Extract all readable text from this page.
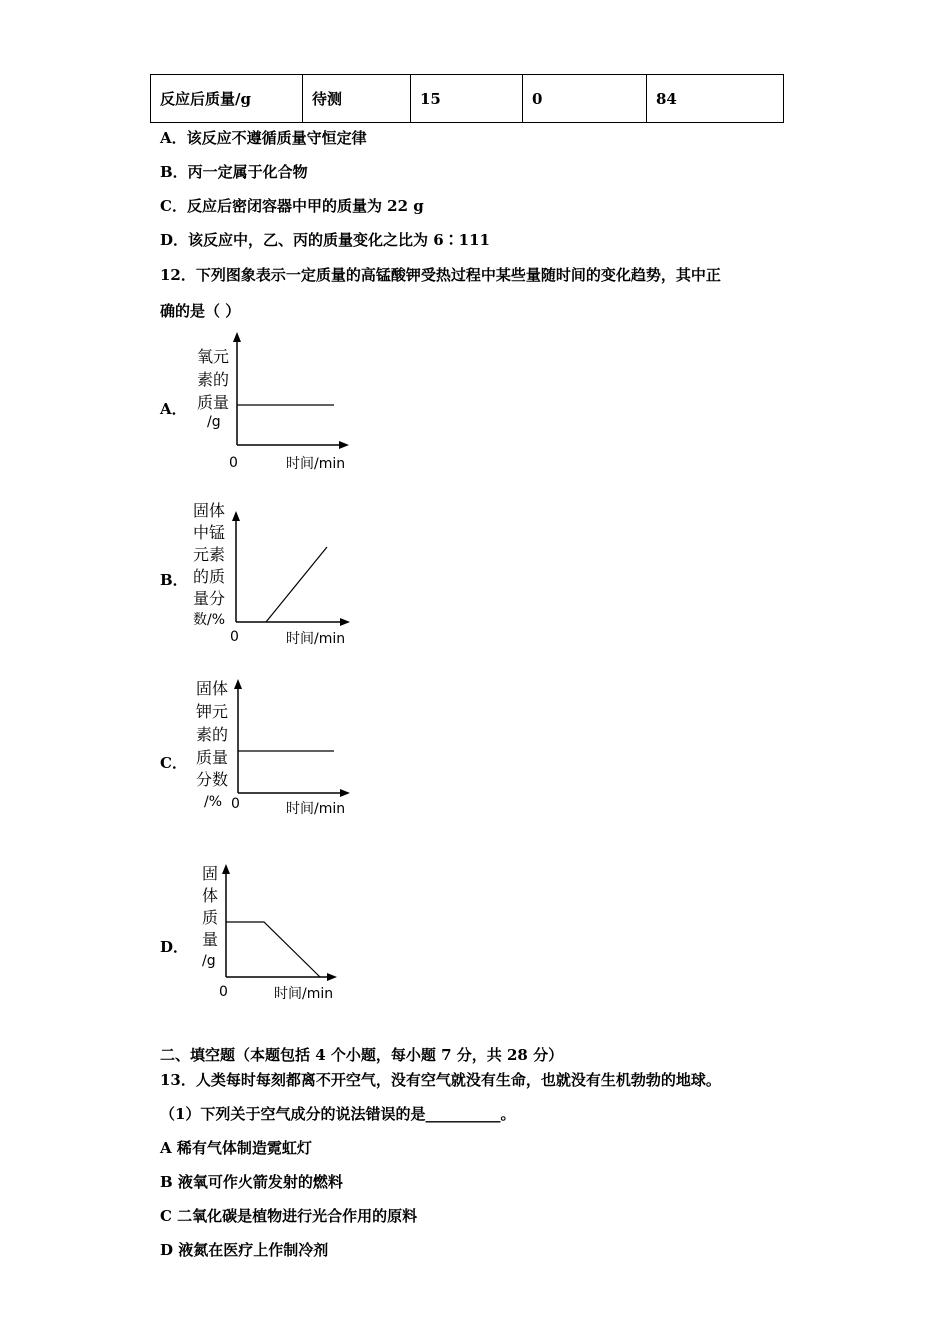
反应后质量/g	待测	15	0	84
A．该反应不遵循质量守恒定律
B．丙一定属于化合物
C．反应后密闭容器中甲的质量为 22 g
D．该反应中，乙、丙的质量变化之比为 6∶111
12．下列图象表示一定质量的高锰酸钾受热过程中某些量随时间的变化趋势，其中正
确的是（ ）
A．
氧元
素的
质量
/g
0	时间/min
B．
固体
中锰
元素
的质
量分
数/%
0	时间/min
C．
固体
钾元
素的
质量
分数
/% 0	时间/min
D．
固
体
质
量
/g
0	时间/min
二、填空题（本题包括 4 个小题，每小题 7 分，共 28 分）
13．人类每时每刻都离不开空气，没有空气就没有生命，也就没有生机勃勃的地球。
（1）下列关于空气成分的说法错误的是__________。
A 稀有气体制造霓虹灯
B 液氧可作火箭发射的燃料
C 二氧化碳是植物进行光合作用的原料
D 液氮在医疗上作制冷剂
